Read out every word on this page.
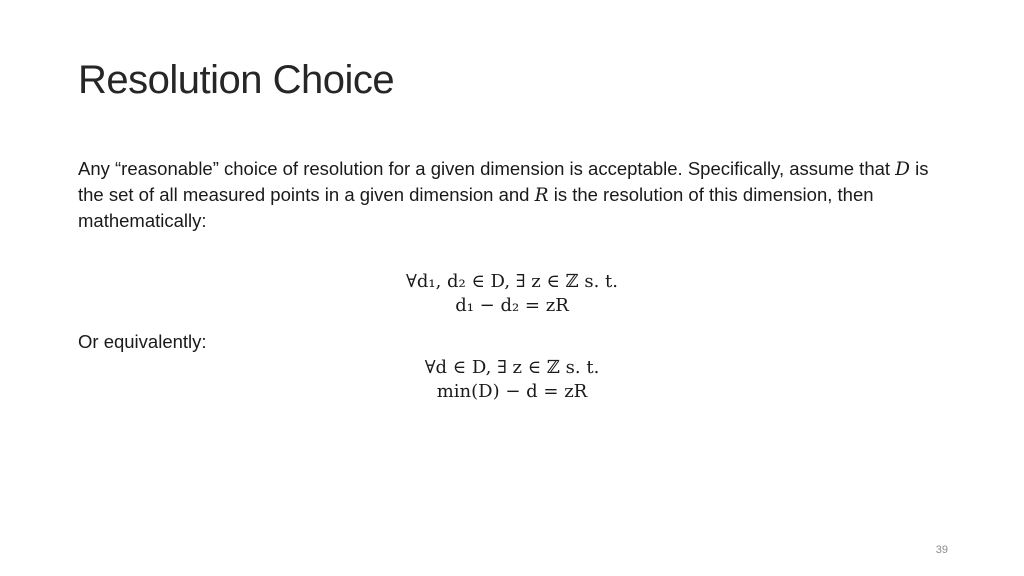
Resolution Choice

Any “reasonable” choice of resolution for a given dimension is acceptable. Specifically, assume that D is the set of all measured points in a given dimension and R is the resolution of this dimension, then mathematically:

∀d₁, d₂ ∈ D, ∃ z ∈ ℤ s. t.
d₁ − d₂ = zR
Or equivalently:
∀d ∈ D, ∃ z ∈ ℤ s. t.
min(D) − d = zR
39
